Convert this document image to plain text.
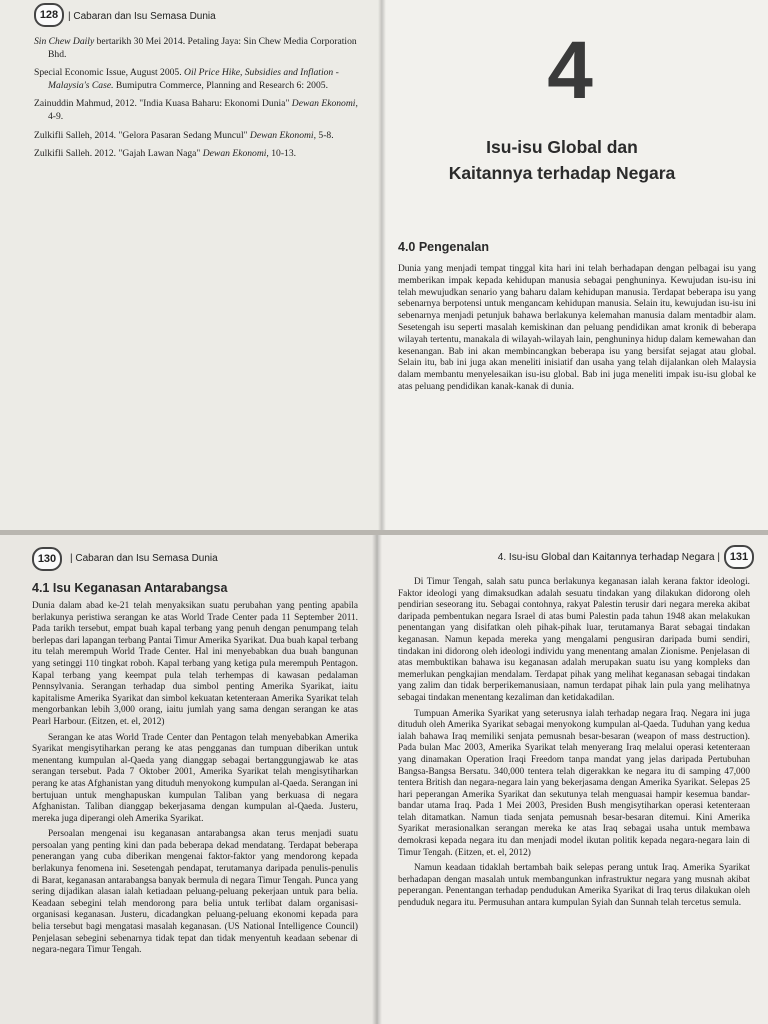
128 | Cabaran dan Isu Semasa Dunia

Sin Chew Daily bertarikh 30 Mei 2014. Petaling Jaya: Sin Chew Media Corporation Bhd.

Special Economic Issue, August 2005. Oil Price Hike, Subsidies and Inflation - Malaysia's Case. Bumiputra Commerce, Planning and Research 6: 2005.

Zainuddin Mahmud, 2012. "India Kuasa Baharu: Ekonomi Dunia" Dewan Ekonomi, 4-9.

Zulkifli Salleh, 2014. "Gelora Pasaran Sedang Muncul" Dewan Ekonomi, 5-8.

Zulkifli Salleh. 2012. "Gajah Lawan Naga" Dewan Ekonomi, 10-13.

4
Isu-isu Global dan
Kaitannya terhadap Negara
4.0 Pengenalan

Dunia yang menjadi tempat tinggal kita hari ini telah berhadapan dengan pelbagai isu yang memberikan impak kepada kehidupan manusia sebagai penghuninya. Kewujudan isu-isu ini telah mewujudkan senario yang baharu dalam kehidupan manusia. Terdapat beberapa isu yang sebenarnya berpotensi untuk mengancam kehidupan manusia. Selain itu, kewujudan isu-isu ini sebenarnya menjadi petunjuk bahawa berlakunya kelemahan manusia dalam mentadbir alam. Sesetengah isu seperti masalah kemiskinan dan peluang pendidikan amat kronik di beberapa wilayah tertentu, manakala di wilayah-wilayah lain, penghuninya hidup dalam kemewahan dan kesenangan. Bab ini akan membincangkan beberapa isu yang bersifat sejagat atau global. Selain itu, bab ini juga akan meneliti inisiatif dan usaha yang telah dijalankan oleh Malaysia dalam membantu menyelesaikan isu-isu global. Bab ini juga meneliti impak isu-isu global ke atas peluang pendidikan kanak-kanak di dunia.

130	| Cabaran dan Isu Semasa Dunia
4.1 Isu Keganasan Antarabangsa

Dunia dalam abad ke-21 telah menyaksikan suatu perubahan yang penting apabila berlakunya peristiwa serangan ke atas World Trade Center pada 11 September 2011. Pada tarikh tersebut, empat buah kapal terbang yang penuh dengan penumpang telah berlepas dari lapangan terbang Pantai Timur Amerika Syarikat. Dua buah kapal terbang itu telah merempuh World Trade Center. Hal ini menyebabkan dua buah bangunan yang setinggi 110 tingkat roboh. Kapal terbang yang ketiga pula merempuh Pentagon. Kapal terbang yang keempat pula telah terhempas di kawasan pedalaman Pennsylvania. Serangan terhadap dua simbol penting Amerika Syarikat, iaitu kapitalisme Amerika Syarikat dan simbol kekuatan ketenteraan Amerika Syarikat telah mengorbankan lebih 3,000 orang, iaitu jumlah yang sama dengan serangan ke atas Pearl Harbour. (Eitzen, et. el, 2012)

Serangan ke atas World Trade Center dan Pentagon telah menyebabkan Amerika Syarikat mengisytiharkan perang ke atas pengganas dan tumpuan diberikan untuk menentang kumpulan al-Qaeda yang dianggap sebagai bertanggungjawab ke atas serangan tersebut. Pada 7 Oktober 2001, Amerika Syarikat telah mengisytiharkan perang ke atas Afghanistan yang dituduh menyokong kumpulan al-Qaeda. Serangan ini bertujuan untuk menghapuskan kumpulan Taliban yang berkuasa di negara Afghanistan. Taliban dianggap bekerjasama dengan kumpulan al-Qaeda. Justeru, mereka juga diperangi oleh Amerika Syarikat.

Persoalan mengenai isu keganasan antarabangsa akan terus menjadi suatu persoalan yang penting kini dan pada beberapa dekad mendatang. Terdapat beberapa penerangan yang cuba diberikan mengenai faktor-faktor yang mendorong kepada berlakunya fenomena ini. Sesetengah pendapat, terutamanya daripada penulis-penulis di Barat, keganasan antarabangsa banyak bermula di negara Timur Tengah. Punca yang sering dijadikan alasan ialah ketiadaan peluang-peluang pekerjaan untuk para belia. Keadaan sebegini telah mendorong para belia untuk terlibat dalam organisasi-organisasi keganasan. Justeru, dicadangkan peluang-peluang ekonomi kepada para belia tersebut bagi mengatasi masalah keganasan. (US National Intelligence Council) Penjelasan sebegini sebenarnya tidak tepat dan tidak menyentuh keadaan sebenar di negara-negara Timur Tengah.

4. Isu-isu Global dan Kaitannya terhadap Negara | 131

Di Timur Tengah, salah satu punca berlakunya keganasan ialah kerana faktor ideologi. Faktor ideologi yang dimaksudkan adalah sesuatu tindakan yang dilakukan didorong oleh pendirian seseorang itu. Sebagai contohnya, rakyat Palestin terusir dari negara mereka akibat daripada pembentukan negara Israel di atas bumi Palestin pada tahun 1948 akan melakukan penentangan yang disifatkan oleh pihak-pihak luar, terutamanya Barat sebagai tindakan keganasan. Namun kepada mereka yang mengalami pengusiran daripada bumi sendiri, tindakan ini didorong oleh ideologi individu yang menentang amalan Zionisme. Penjelasan di atas membuktikan bahawa isu keganasan adalah merupakan suatu isu yang kompleks dan memerlukan pengkajian mendalam. Terdapat pihak yang melihat keganasan sebagai tindakan yang zalim dan tidak berperikemanusiaan, namun terdapat pihak lain pula yang melihatnya sebagai tindakan menentang kezaliman dan ketidakadilan.

Tumpuan Amerika Syarikat yang seterusnya ialah terhadap negara Iraq. Negara ini juga dituduh oleh Amerika Syarikat sebagai menyokong kumpulan al-Qaeda. Tuduhan yang kedua ialah bahawa Iraq memiliki senjata pemusnah besar-besaran (weapon of mass destruction). Pada bulan Mac 2003, Amerika Syarikat telah menyerang Iraq melalui operasi ketenteraan yang dinamakan Operation Iraqi Freedom tanpa mandat yang jelas daripada Pertubuhan Bangsa-Bangsa Bersatu. 340,000 tentera telah digerakkan ke negara itu di samping 47,000 tentera British dan negara-negara lain yang bekerjasama dengan Amerika Syarikat. Selepas 25 hari peperangan Amerika Syarikat dan sekutunya telah menguasai hampir kesemua bandar-bandar utama Iraq. Pada 1 Mei 2003, Presiden Bush mengisytiharkan operasi ketenteraan telah ditamatkan. Namun tiada senjata pemusnah besar-besaran ditemui. Kini Amerika Syarikat merasionalkan serangan mereka ke atas Iraq sebagai usaha untuk membawa demokrasi kepada negara itu dan menjadi model ikutan politik kepada negara-negara lain di Timur Tengah. (Eitzen, et. el, 2012)

Namun keadaan tidaklah bertambah baik selepas perang untuk Iraq. Amerika Syarikat berhadapan dengan masalah untuk membangunkan infrastruktur negara yang musnah akibat peperangan. Penentangan terhadap pendudukan Amerika Syarikat di Iraq terus dilakukan oleh penduduk negara itu. Permusuhan antara kumpulan Syiah dan Sunnah telah tercetus semula.
